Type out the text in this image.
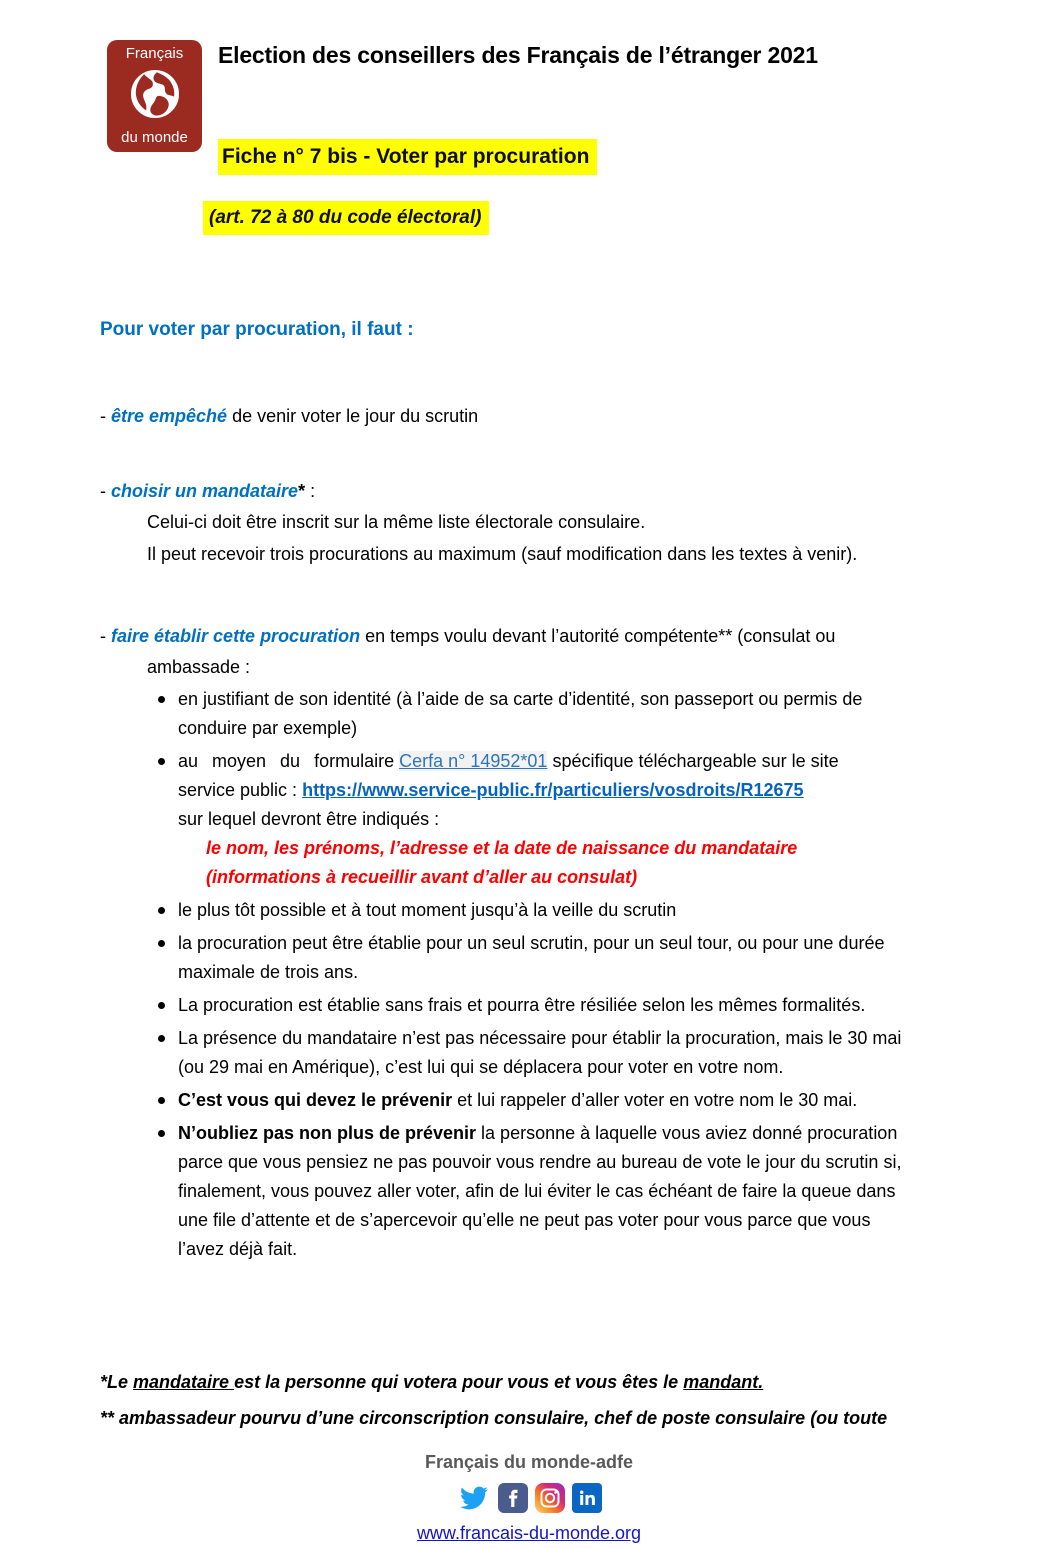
Français
du monde
Election des conseillers des Français de l’étranger 2021

Fiche n° 7 bis - Voter par procuration
(art. 72 à 80 du code électoral)

Pour voter par procuration, il faut :

- être empêché de venir voter le jour du scrutin

- choisir un mandataire* :

Celui-ci doit être inscrit sur la même liste électorale consulaire.
Il peut recevoir trois procurations au maximum (sauf modification dans les textes à venir).

- faire établir cette procuration en temps voulu devant l’autorité compétente** (consulat ou

ambassade :
en justifiant de son identité (à l’aide de sa carte d’identité, son passeport ou permis de conduire par exemple)
au moyen du formulaire Cerfa n° 14952*01 spécifique téléchargeable sur le site
service public : https://www.service-public.fr/particuliers/vosdroits/R12675
sur lequel devront être indiqués :
le nom, les prénoms, l’adresse et la date de naissance du mandataire
(informations à recueillir avant d’aller au consulat)
le plus tôt possible et à tout moment jusqu’à la veille du scrutin
la procuration peut être établie pour un seul scrutin, pour un seul tour, ou pour une durée maximale de trois ans.
La procuration est établie sans frais et pourra être résiliée selon les mêmes formalités.
La présence du mandataire n’est pas nécessaire pour établir la procuration, mais le 30 mai (ou 29 mai en Amérique), c’est lui qui se déplacera pour voter en votre nom.
C’est vous qui devez le prévenir et lui rappeler d’aller voter en votre nom le 30 mai.
N’oubliez pas non plus de prévenir la personne à laquelle vous aviez donné procuration parce que vous pensiez ne pas pouvoir vous rendre au bureau de vote le jour du scrutin si, finalement, vous pouvez aller voter, afin de lui éviter le cas échéant de faire la queue dans une file d’attente et de s’apercevoir qu’elle ne peut pas voter pour vous parce que vous l’avez déjà fait.
*Le mandataire est la personne qui votera pour vous et vous êtes le mandant.
** ambassadeur pourvu d’une circonscription consulaire, chef de poste consulaire (ou toute

Français du monde-adfe

www.francais-du-monde.org
